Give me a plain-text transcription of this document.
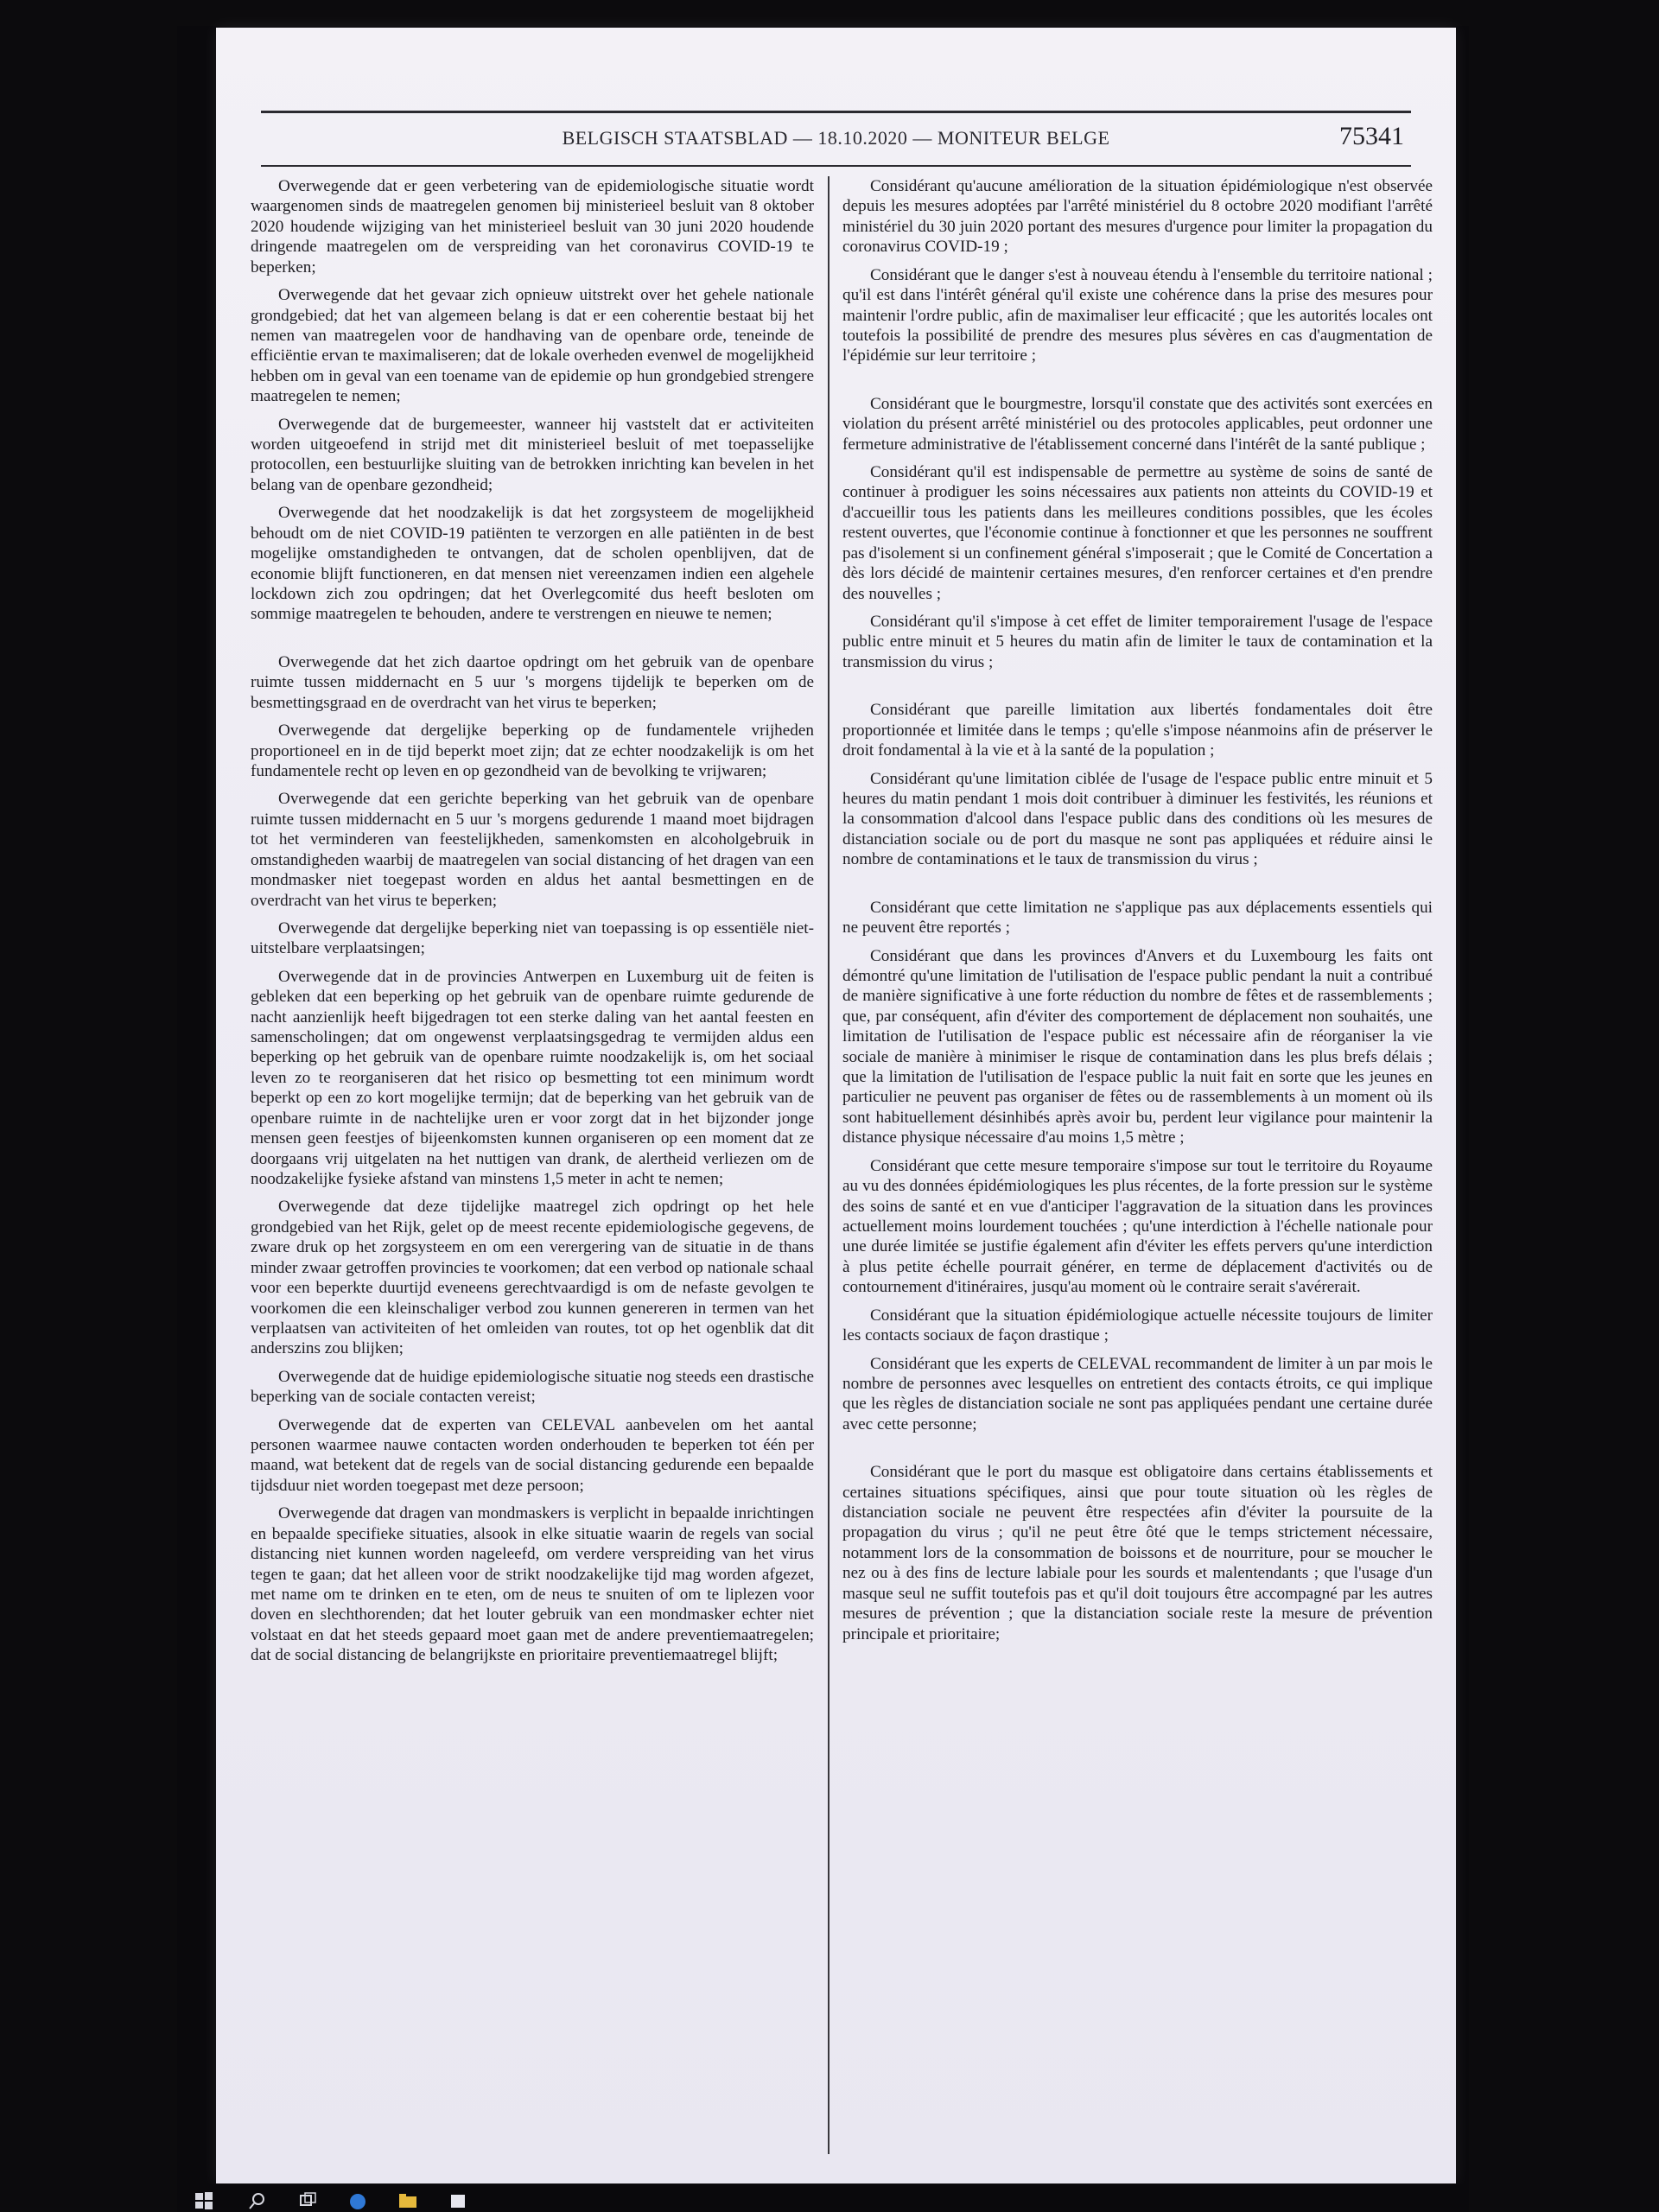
BELGISCH STAATSBLAD — 18.10.2020 — MONITEUR BELGE	75341

Overwegende dat er geen verbetering van de epidemiologische situatie wordt waargenomen sinds de maatregelen genomen bij ministerieel besluit van 8 oktober 2020 houdende wijziging van het ministerieel besluit van 30 juni 2020 houdende dringende maatregelen om de verspreiding van het coronavirus COVID-19 te beperken;

Overwegende dat het gevaar zich opnieuw uitstrekt over het gehele nationale grondgebied; dat het van algemeen belang is dat er een coherentie bestaat bij het nemen van maatregelen voor de handhaving van de openbare orde, teneinde de efficiëntie ervan te maximaliseren; dat de lokale overheden evenwel de mogelijkheid hebben om in geval van een toename van de epidemie op hun grondgebied strengere maatregelen te nemen;

Overwegende dat de burgemeester, wanneer hij vaststelt dat er activiteiten worden uitgeoefend in strijd met dit ministerieel besluit of met toepasselijke protocollen, een bestuurlijke sluiting van de betrokken inrichting kan bevelen in het belang van de openbare gezondheid;

Overwegende dat het noodzakelijk is dat het zorgsysteem de mogelijkheid behoudt om de niet COVID-19 patiënten te verzorgen en alle patiënten in de best mogelijke omstandigheden te ontvangen, dat de scholen openblijven, dat de economie blijft functioneren, en dat mensen niet vereenzamen indien een algehele lockdown zich zou opdringen; dat het Overlegcomité dus heeft besloten om sommige maatregelen te behouden, andere te verstrengen en nieuwe te nemen;

Overwegende dat het zich daartoe opdringt om het gebruik van de openbare ruimte tussen middernacht en 5 uur 's morgens tijdelijk te beperken om de besmettingsgraad en de overdracht van het virus te beperken;

Overwegende dat dergelijke beperking op de fundamentele vrijheden proportioneel en in de tijd beperkt moet zijn; dat ze echter noodzakelijk is om het fundamentele recht op leven en op gezondheid van de bevolking te vrijwaren;

Overwegende dat een gerichte beperking van het gebruik van de openbare ruimte tussen middernacht en 5 uur 's morgens gedurende 1 maand moet bijdragen tot het verminderen van feestelijkheden, samenkomsten en alcoholgebruik in omstandigheden waarbij de maatregelen van social distancing of het dragen van een mondmasker niet toegepast worden en aldus het aantal besmettingen en de overdracht van het virus te beperken;

Overwegende dat dergelijke beperking niet van toepassing is op essentiële niet-uitstelbare verplaatsingen;

Overwegende dat in de provincies Antwerpen en Luxemburg uit de feiten is gebleken dat een beperking op het gebruik van de openbare ruimte gedurende de nacht aanzienlijk heeft bijgedragen tot een sterke daling van het aantal feesten en samenscholingen; dat om ongewenst verplaatsingsgedrag te vermijden aldus een beperking op het gebruik van de openbare ruimte noodzakelijk is, om het sociaal leven zo te reorganiseren dat het risico op besmetting tot een minimum wordt beperkt op een zo kort mogelijke termijn; dat de beperking van het gebruik van de openbare ruimte in de nachtelijke uren er voor zorgt dat in het bijzonder jonge mensen geen feestjes of bijeenkomsten kunnen organiseren op een moment dat ze doorgaans vrij uitgelaten na het nuttigen van drank, de alertheid verliezen om de noodzakelijke fysieke afstand van minstens 1,5 meter in acht te nemen;

Overwegende dat deze tijdelijke maatregel zich opdringt op het hele grondgebied van het Rijk, gelet op de meest recente epidemiologische gegevens, de zware druk op het zorgsysteem en om een verergering van de situatie in de thans minder zwaar getroffen provincies te voorkomen; dat een verbod op nationale schaal voor een beperkte duurtijd eveneens gerechtvaardigd is om de nefaste gevolgen te voorkomen die een kleinschaliger verbod zou kunnen genereren in termen van het verplaatsen van activiteiten of het omleiden van routes, tot op het ogenblik dat dit anderszins zou blijken;

Overwegende dat de huidige epidemiologische situatie nog steeds een drastische beperking van de sociale contacten vereist;

Overwegende dat de experten van CELEVAL aanbevelen om het aantal personen waarmee nauwe contacten worden onderhouden te beperken tot één per maand, wat betekent dat de regels van de social distancing gedurende een bepaalde tijdsduur niet worden toegepast met deze persoon;

Overwegende dat dragen van mondmaskers is verplicht in bepaalde inrichtingen en bepaalde specifieke situaties, alsook in elke situatie waarin de regels van social distancing niet kunnen worden nageleefd, om verdere verspreiding van het virus tegen te gaan; dat het alleen voor de strikt noodzakelijke tijd mag worden afgezet, met name om te drinken en te eten, om de neus te snuiten of om te liplezen voor doven en slechthorenden; dat het louter gebruik van een mondmasker echter niet volstaat en dat het steeds gepaard moet gaan met de andere preventiemaatregelen; dat de social distancing de belangrijkste en prioritaire preventiemaatregel blijft;

Considérant qu'aucune amélioration de la situation épidémiologique n'est observée depuis les mesures adoptées par l'arrêté ministériel du 8 octobre 2020 modifiant l'arrêté ministériel du 30 juin 2020 portant des mesures d'urgence pour limiter la propagation du coronavirus COVID-19 ;

Considérant que le danger s'est à nouveau étendu à l'ensemble du territoire national ; qu'il est dans l'intérêt général qu'il existe une cohérence dans la prise des mesures pour maintenir l'ordre public, afin de maximaliser leur efficacité ; que les autorités locales ont toutefois la possibilité de prendre des mesures plus sévères en cas d'augmentation de l'épidémie sur leur territoire ;

Considérant que le bourgmestre, lorsqu'il constate que des activités sont exercées en violation du présent arrêté ministériel ou des protocoles applicables, peut ordonner une fermeture administrative de l'établissement concerné dans l'intérêt de la santé publique ;

Considérant qu'il est indispensable de permettre au système de soins de santé de continuer à prodiguer les soins nécessaires aux patients non atteints du COVID-19 et d'accueillir tous les patients dans les meilleures conditions possibles, que les écoles restent ouvertes, que l'économie continue à fonctionner et que les personnes ne souffrent pas d'isolement si un confinement général s'imposerait ; que le Comité de Concertation a dès lors décidé de maintenir certaines mesures, d'en renforcer certaines et d'en prendre des nouvelles ;

Considérant qu'il s'impose à cet effet de limiter temporairement l'usage de l'espace public entre minuit et 5 heures du matin afin de limiter le taux de contamination et la transmission du virus ;

Considérant que pareille limitation aux libertés fondamentales doit être proportionnée et limitée dans le temps ; qu'elle s'impose néanmoins afin de préserver le droit fondamental à la vie et à la santé de la population ;

Considérant qu'une limitation ciblée de l'usage de l'espace public entre minuit et 5 heures du matin pendant 1 mois doit contribuer à diminuer les festivités, les réunions et la consommation d'alcool dans l'espace public dans des conditions où les mesures de distanciation sociale ou de port du masque ne sont pas appliquées et réduire ainsi le nombre de contaminations et le taux de transmission du virus ;

Considérant que cette limitation ne s'applique pas aux déplacements essentiels qui ne peuvent être reportés ;

Considérant que dans les provinces d'Anvers et du Luxembourg les faits ont démontré qu'une limitation de l'utilisation de l'espace public pendant la nuit a contribué de manière significative à une forte réduction du nombre de fêtes et de rassemblements ; que, par conséquent, afin d'éviter des comportement de déplacement non souhaités, une limitation de l'utilisation de l'espace public est nécessaire afin de réorganiser la vie sociale de manière à minimiser le risque de contamination dans les plus brefs délais ; que la limitation de l'utilisation de l'espace public la nuit fait en sorte que les jeunes en particulier ne peuvent pas organiser de fêtes ou de rassemblements à un moment où ils sont habituellement désinhibés après avoir bu, perdent leur vigilance pour maintenir la distance physique nécessaire d'au moins 1,5 mètre ;

Considérant que cette mesure temporaire s'impose sur tout le territoire du Royaume au vu des données épidémiologiques les plus récentes, de la forte pression sur le système des soins de santé et en vue d'anticiper l'aggravation de la situation dans les provinces actuellement moins lourdement touchées ; qu'une interdiction à l'échelle nationale pour une durée limitée se justifie également afin d'éviter les effets pervers qu'une interdiction à plus petite échelle pourrait générer, en terme de déplacement d'activités ou de contournement d'itinéraires, jusqu'au moment où le contraire serait s'avérerait.

Considérant que la situation épidémiologique actuelle nécessite toujours de limiter les contacts sociaux de façon drastique ;

Considérant que les experts de CELEVAL recommandent de limiter à un par mois le nombre de personnes avec lesquelles on entretient des contacts étroits, ce qui implique que les règles de distanciation sociale ne sont pas appliquées pendant une certaine durée avec cette personne;

Considérant que le port du masque est obligatoire dans certains établissements et certaines situations spécifiques, ainsi que pour toute situation où les règles de distanciation sociale ne peuvent être respectées afin d'éviter la poursuite de la propagation du virus ; qu'il ne peut être ôté que le temps strictement nécessaire, notamment lors de la consommation de boissons et de nourriture, pour se moucher le nez ou à des fins de lecture labiale pour les sourds et malentendants ; que l'usage d'un masque seul ne suffit toutefois pas et qu'il doit toujours être accompagné par les autres mesures de prévention ; que la distanciation sociale reste la mesure de prévention principale et prioritaire;
